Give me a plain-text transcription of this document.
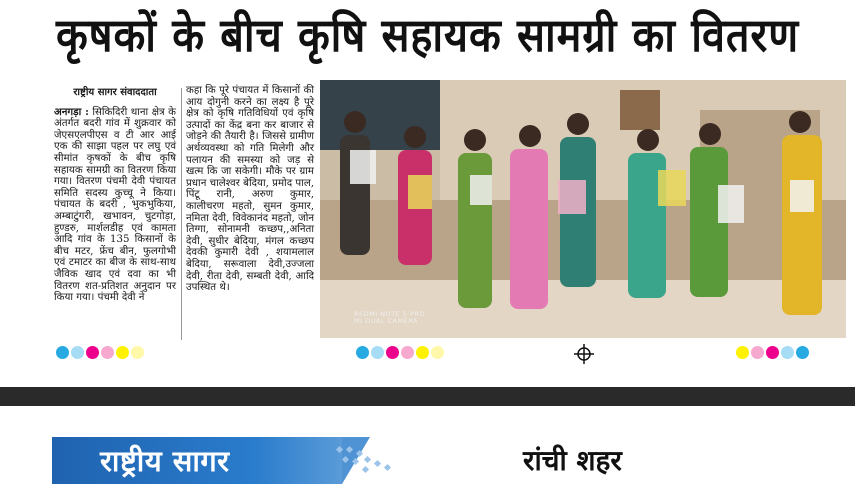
कृषकों के बीच कृषि सहायक सामग्री का वितरण
राष्ट्रीय सागर संवाददाता
अनगड़ा : सिकिदिरी थाना क्षेत्र के अंतर्गत बदरी गांव में शुक्रवार को जेएसएलपीएस व टी आर आई एक की साझा पहल पर लघु एवं सीमांत कृषकों के बीच कृषि सहायक सामग्री का वितरण किया गया। वितरण पंचमी देवी पंचायत समिति सदस्य कुच्चू ने किया। पंचायत के बदरी , भुकभुकिया, अम्बाटुंगरी, खभावन, चुटगोड़ा, हुण्डरु, मार्शलडीह एवं कामता आदि गांव के 135 किसानों के बीच मटर, फ्रेंच बीन, फुलगोभी एवं टमाटर का बीज के साथ-साथ जैविक खाद एवं दवा का भी वितरण शत-प्रतिशत अनुदान पर किया गया। पंचमी देवी ने
कहा कि पूरे पंचायत में किसानों की आय दोगुनी करने का लक्ष्य है पूरे क्षेत्र को कृषि गतिविधियों एवं कृषि उत्पादों का केंद्र बना कर बाजार से जोड़ने की तैयारी है। जिससे ग्रामीण अर्थव्यवस्था को गति मिलेगी और पलायन की समस्या को जड़ से खत्म कि जा सकेगी। मौके पर ग्राम प्रधान चालेश्वर बेदिया, प्रमोद पाल, पिंटू रानी, अरुण कुमार, कालीचरण महतो, सुमन कुमार, नमिता देवी, विवेकानंद महतो, जोन तिग्गा, सोनामनी कच्छप,,अनिता देवी, सुधीर बेदिया, मंगल कच्छप देवकी कुमारी देवी , शयामलाल बेदिया, सरूवाला देवी,उज्जला देवी, रीता देवी, सम्बती देवी, आदि उपस्थित थे।
REDMI NOTE 5 PRO
MI DUAL CAMERA
राष्ट्रीय सागर	रांची शहर
